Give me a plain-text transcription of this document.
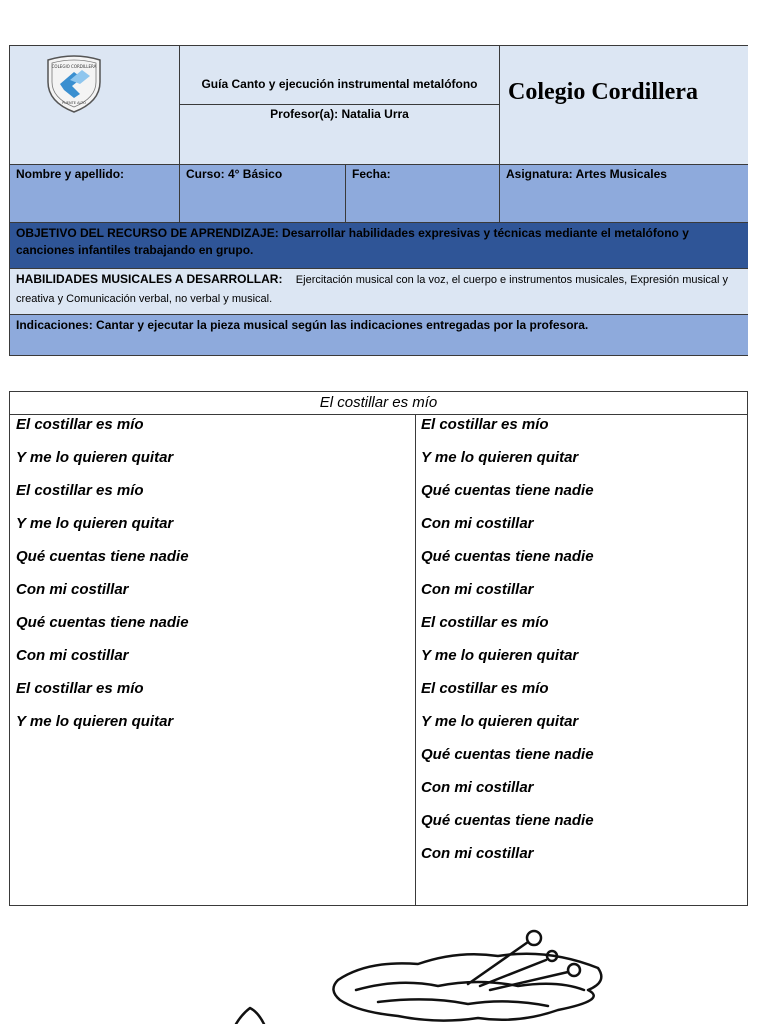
COLEGIO CORDILLERA
PUENTE ALTO
Guía Canto y ejecución instrumental metalófono
Profesor(a): Natalia Urra
Colegio Cordillera
Nombre y apellido:	Curso: 4° Básico	Fecha:	Asignatura: Artes Musicales
OBJETIVO DEL RECURSO DE APRENDIZAJE: Desarrollar habilidades expresivas y técnicas mediante el metalófono y canciones infantiles trabajando en grupo.
HABILIDADES MUSICALES A DESARROLLAR: Ejercitación musical con la voz, el cuerpo e instrumentos musicales, Expresión musical y creativa y Comunicación verbal, no verbal y musical.
Indicaciones: Cantar y ejecutar la pieza musical según las indicaciones entregadas por la profesora.
El costillar es mío
El costillar es mío
Y me lo quieren quitar
El costillar es mío
Y me lo quieren quitar
Qué cuentas tiene nadie
Con mi costillar
Qué cuentas tiene nadie
Con mi costillar
El costillar es mío
Y me lo quieren quitar
El costillar es mío
Y me lo quieren quitar
Qué cuentas tiene nadie
Con mi costillar
Qué cuentas tiene nadie
Con mi costillar
El costillar es mío
Y me lo quieren quitar
El costillar es mío
Y me lo quieren quitar
Qué cuentas tiene nadie
Con mi costillar
Qué cuentas tiene nadie
Con mi costillar
